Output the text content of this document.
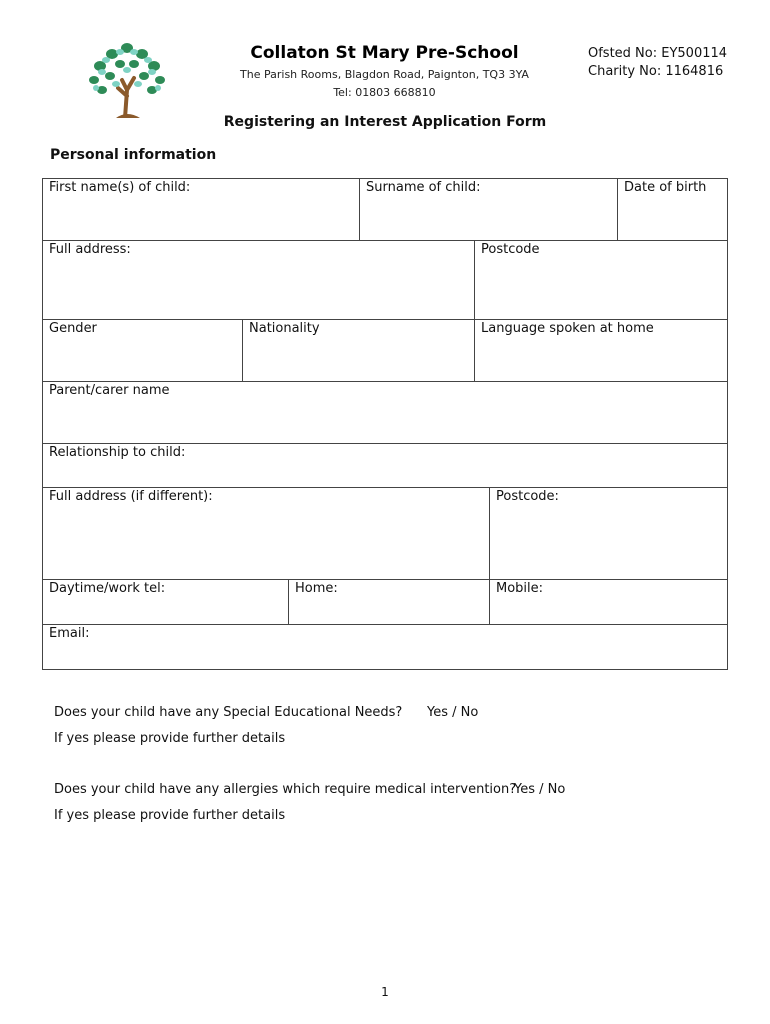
Collaton St Mary Pre-School
The Parish Rooms, Blagdon Road, Paignton, TQ3 3YA
Tel: 01803 668810
Ofsted No: EY500114
Charity No: 1164816
Registering an Interest Application Form
Personal information
First name(s) of child:	Surname of child:	Date of birth
Full address:	Postcode
Gender	Nationality	Language spoken at home
Parent/carer name
Relationship to child:
Full address (if different):	Postcode:
Daytime/work tel:	Home:	Mobile:
Email:
Does your child have any Special Educational Needs? Yes / No
If yes please provide further details
Does your child have any allergies which require medical intervention?
Yes / No
If yes please provide further details
1
